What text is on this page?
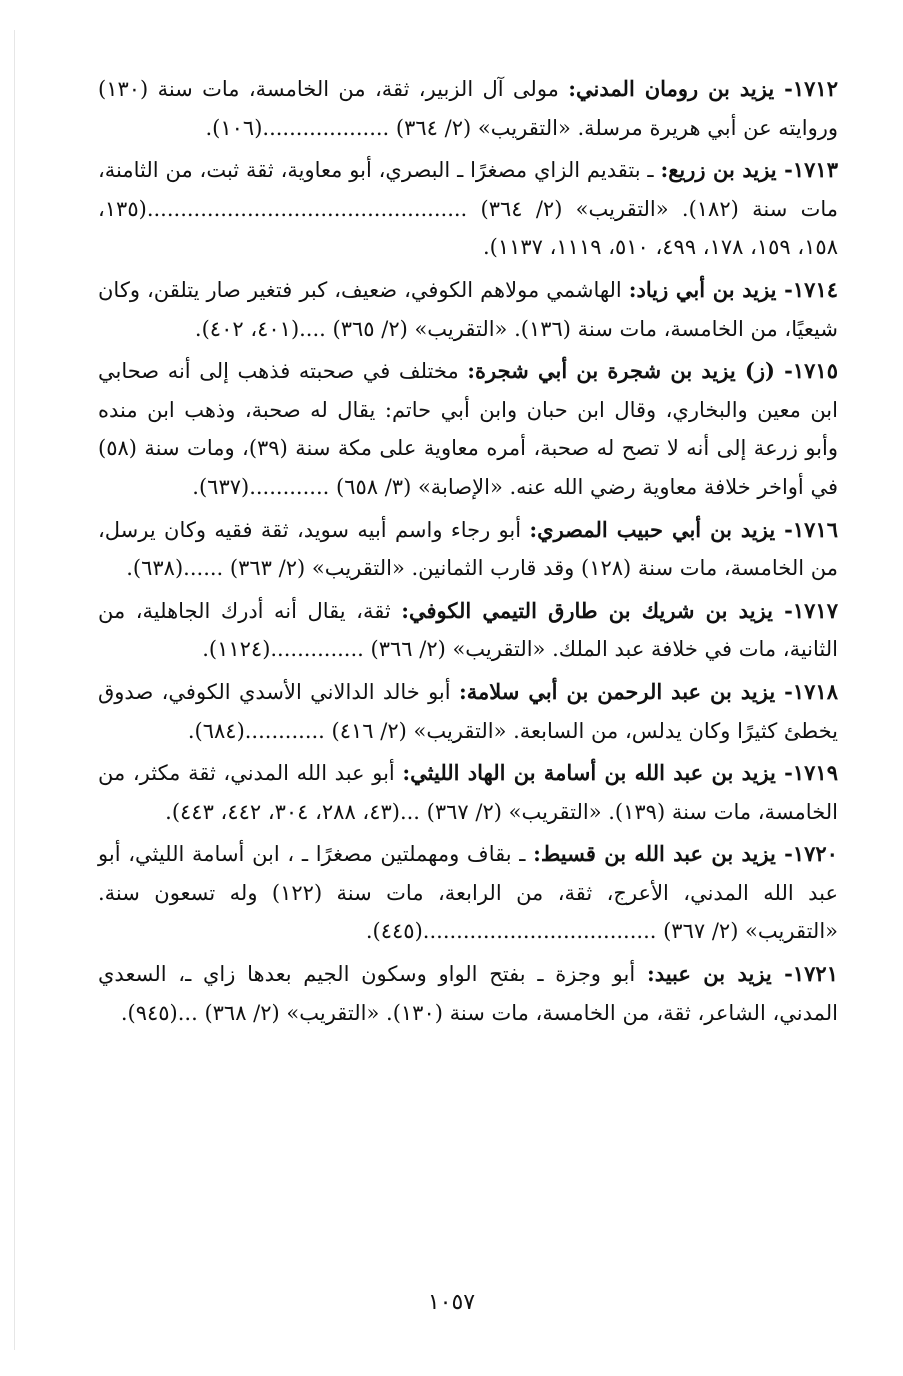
١٧١٢- يزيد بن رومان المدني: مولى آل الزبير، ثقة، من الخامسة، مات سنة (١٣٠) وروايته عن أبي هريرة مرسلة. «التقريب» (٢/ ٣٦٤) ...................(١٠٦).

١٧١٣- يزيد بن زريع: ـ بتقديم الزاي مصغرًا ـ البصري، أبو معاوية، ثقة ثبت، من الثامنة، مات سنة (١٨٢). «التقريب» (٢/ ٣٦٤) ................................................(١٣٥، ١٥٨، ١٥٩، ١٧٨، ٤٩٩، ٥١٠، ١١١٩، ١١٣٧).

١٧١٤- يزيد بن أبي زياد: الهاشمي مولاهم الكوفي، ضعيف، كبر فتغير صار يتلقن، وكان شيعيًا، من الخامسة، مات سنة (١٣٦). «التقريب» (٢/ ٣٦٥) ....(٤٠١، ٤٠٢).

١٧١٥- (ز) يزيد بن شجرة بن أبي شجرة: مختلف في صحبته فذهب إلى أنه صحابي ابن معين والبخاري، وقال ابن حبان وابن أبي حاتم: يقال له صحبة، وذهب ابن منده وأبو زرعة إلى أنه لا تصح له صحبة، أمره معاوية على مكة سنة (٣٩)، ومات سنة (٥٨) في أواخر خلافة معاوية رضي الله عنه. «الإصابة» (٣/ ٦٥٨) ............(٦٣٧).

١٧١٦- يزيد بن أبي حبيب المصري: أبو رجاء واسم أبيه سويد، ثقة فقيه وكان يرسل، من الخامسة، مات سنة (١٢٨) وقد قارب الثمانين. «التقريب» (٢/ ٣٦٣) ......(٦٣٨).

١٧١٧- يزيد بن شريك بن طارق التيمي الكوفي: ثقة، يقال أنه أدرك الجاهلية، من الثانية، مات في خلافة عبد الملك. «التقريب» (٢/ ٣٦٦) ..............(١١٢٤).

١٧١٨- يزيد بن عبد الرحمن بن أبي سلامة: أبو خالد الدالاني الأسدي الكوفي، صدوق يخطئ كثيرًا وكان يدلس، من السابعة. «التقريب» (٢/ ٤١٦) ............(٦٨٤).

١٧١٩- يزيد بن عبد الله بن أسامة بن الهاد الليثي: أبو عبد الله المدني، ثقة مكثر، من الخامسة، مات سنة (١٣٩). «التقريب» (٢/ ٣٦٧) ...(٤٣، ٢٨٨، ٣٠٤، ٤٤٢، ٤٤٣).

١٧٢٠- يزيد بن عبد الله بن قسيط: ـ بقاف ومهملتين مصغرًا ـ ، ابن أسامة الليثي، أبو عبد الله المدني، الأعرج، ثقة، من الرابعة، مات سنة (١٢٢) وله تسعون سنة. «التقريب» (٢/ ٣٦٧) ...................................(٤٤٥).

١٧٢١- يزيد بن عبيد: أبو وجزة ـ بفتح الواو وسكون الجيم بعدها زاي ـ، السعدي المدني، الشاعر، ثقة، من الخامسة، مات سنة (١٣٠). «التقريب» (٢/ ٣٦٨) ...(٩٤٥).

١٠٥٧
